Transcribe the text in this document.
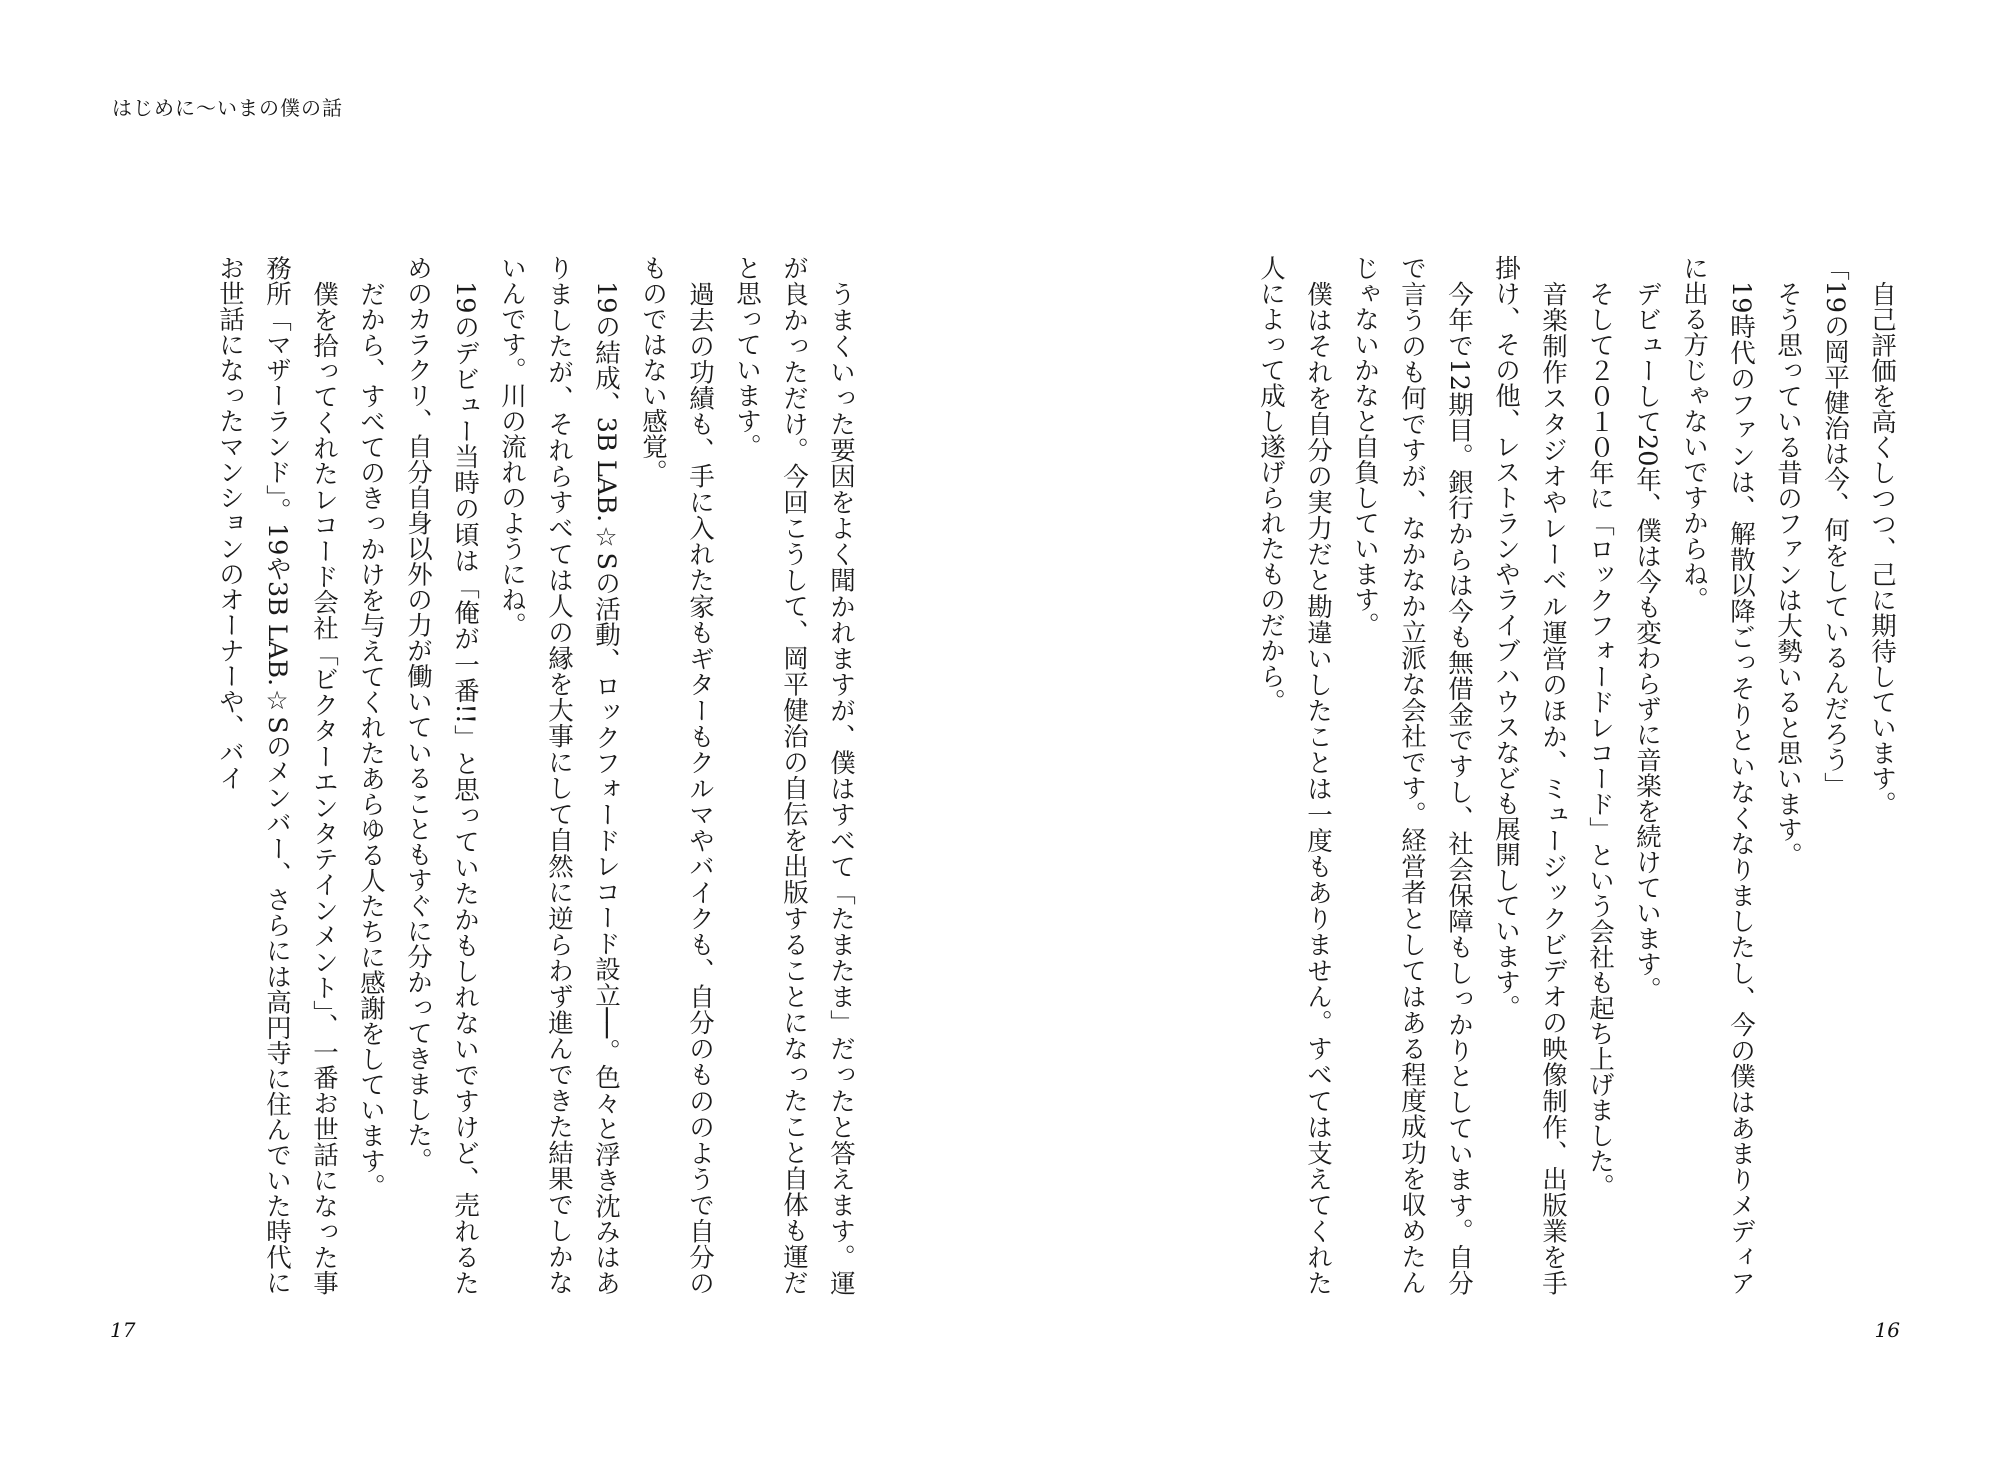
はじめに〜いまの僕の話

自己評価を高くしつつ、己に期待しています。

「19の岡平健治は今、何をしているんだろう」

そう思っている昔のファンは大勢いると思います。

19時代のファンは、解散以降ごっそりといなくなりましたし、今の僕はあまりメディアに出る方じゃないですからね。

デビューして20年、僕は今も変わらずに音楽を続けています。

そして２０１０年に「ロックフォードレコード」という会社も起ち上げました。

音楽制作スタジオやレーベル運営のほか、ミュージックビデオの映像制作、出版業を手掛け、その他、レストランやライブハウスなども展開しています。

今年で12期目。銀行からは今も無借金ですし、社会保障もしっかりとしています。自分で言うのも何ですが、なかなか立派な会社です。経営者としてはある程度成功を収めたんじゃないかなと自負しています。

僕はそれを自分の実力だと勘違いしたことは一度もありません。すべては支えてくれた人によって成し遂げられたものだから。

うまくいった要因をよく聞かれますが、僕はすべて「たまたま」だったと答えます。運が良かっただけ。今回こうして、岡平健治の自伝を出版することになったこと自体も運だと思っています。

過去の功績も、手に入れた家もギターもクルマやバイクも、自分のもののようで自分のものではない感覚。

19の結成、3B LAB.☆Sの活動、ロックフォードレコード設立──。色々と浮き沈みはありましたが、それらすべては人の縁を大事にして自然に逆らわず進んできた結果でしかないんです。川の流れのようにね。

19のデビュー当時の頃は「俺が一番!!」と思っていたかもしれないですけど、売れるためのカラクリ、自分自身以外の力が働いていることもすぐに分かってきました。

だから、すべてのきっかけを与えてくれたあらゆる人たちに感謝をしています。

僕を拾ってくれたレコード会社「ビクターエンタテインメント」、一番お世話になった事務所「マザーランド」。19や3B LAB.☆Sのメンバー、さらには高円寺に住んでいた時代にお世話になったマンションのオーナーや、バイ

17	16
